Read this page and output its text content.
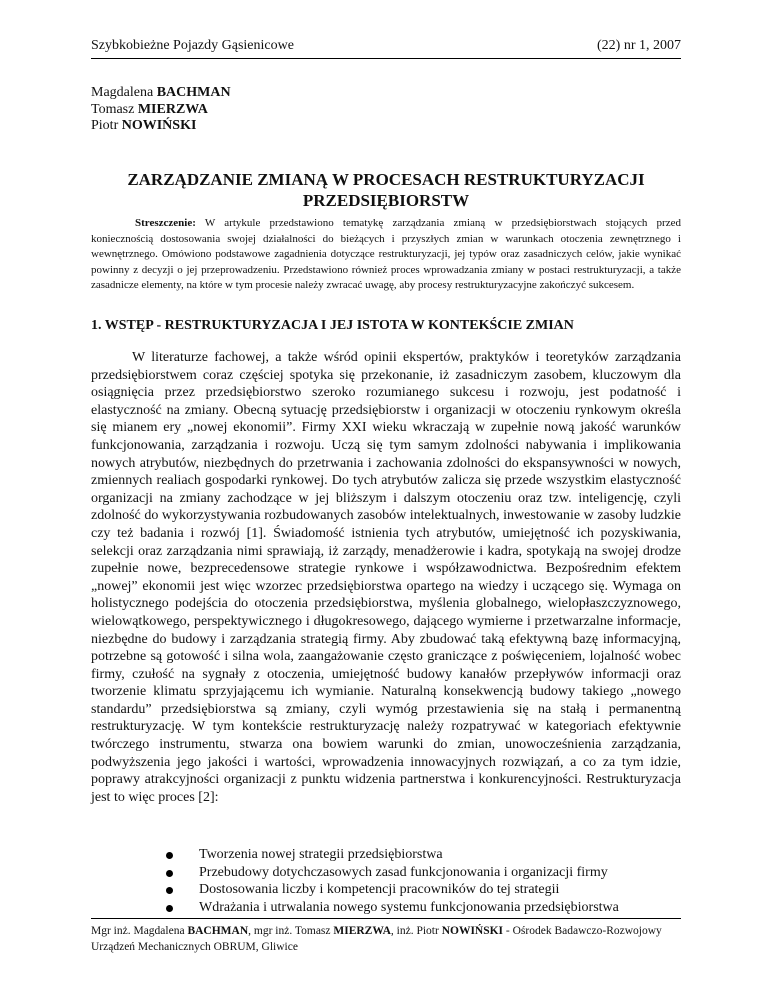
Szybkobieżne Pojazdy Gąsienicowe	(22) nr 1, 2007
Magdalena BACHMAN
Tomasz MIERZWA
Piotr NOWIŃSKI
ZARZĄDZANIE ZMIANĄ W PROCESACH RESTRUKTURYZACJI
PRZEDSIĘBIORSTW
Streszczenie: W artykule przedstawiono tematykę zarządzania zmianą w przedsiębiorstwach stojących przed koniecznością dostosowania swojej działalności do bieżących i przyszłych zmian w warunkach otoczenia zewnętrznego i wewnętrznego. Omówiono podstawowe zagadnienia dotyczące restrukturyzacji, jej typów oraz zasadniczych celów, jakie wynikać powinny z decyzji o jej przeprowadzeniu. Przedstawiono również proces wprowadzania zmiany w postaci restrukturyzacji, a także zasadnicze elementy, na które w tym procesie należy zwracać uwagę, aby procesy restrukturyzacyjne zakończyć sukcesem.
1. WSTĘP - RESTRUKTURYZACJA I JEJ ISTOTA W KONTEKŚCIE ZMIAN

W literaturze fachowej, a także wśród opinii ekspertów, praktyków i teoretyków zarządzania przedsiębiorstwem coraz częściej spotyka się przekonanie, iż zasadniczym zasobem, kluczowym dla osiągnięcia przez przedsiębiorstwo szeroko rozumianego sukcesu i rozwoju, jest podatność i elastyczność na zmiany. Obecną sytuację przedsiębiorstw i organizacji w otoczeniu rynkowym określa się mianem ery „nowej ekonomii”. Firmy XXI wieku wkraczają w zupełnie nową jakość warunków funkcjonowania, zarządzania i rozwoju. Uczą się tym samym zdolności nabywania i implikowania nowych atrybutów, niezbędnych do przetrwania i zachowania zdolności do ekspansywności w nowych, zmiennych realiach gospodarki rynkowej. Do tych atrybutów zalicza się przede wszystkim elastyczność organizacji na zmiany zachodzące w jej bliższym i dalszym otoczeniu oraz tzw. inteligencję, czyli zdolność do wykorzystywania rozbudowanych zasobów intelektualnych, inwestowanie w zasoby ludzkie czy też badania i rozwój [1]. Świadomość istnienia tych atrybutów, umiejętność ich pozyskiwania, selekcji oraz zarządzania nimi sprawiają, iż zarządy, menadżerowie i kadra, spotykają na swojej drodze zupełnie nowe, bezprecedensowe strategie rynkowe i współzawodnictwa. Bezpośrednim efektem „nowej” ekonomii jest więc wzorzec przedsiębiorstwa opartego na wiedzy i uczącego się. Wymaga on holistycznego podejścia do otoczenia przedsiębiorstwa, myślenia globalnego, wielopłaszczyznowego, wielowątkowego, perspektywicznego i długokresowego, dającego wymierne i przetwarzalne informacje, niezbędne do budowy i zarządzania strategią firmy. Aby zbudować taką efektywną bazę informacyjną, potrzebne są gotowość i silna wola, zaangażowanie często graniczące z poświęceniem, lojalność wobec firmy, czułość na sygnały z otoczenia, umiejętność budowy kanałów przepływów informacji oraz tworzenie klimatu sprzyjającemu ich wymianie. Naturalną konsekwencją budowy takiego „nowego standardu” przedsiębiorstwa są zmiany, czyli wymóg przestawienia się na stałą i permanentną restrukturyzację. W tym kontekście restrukturyzację należy rozpatrywać w kategoriach efektywnie twórczego instrumentu, stwarza ona bowiem warunki do zmian, unowocześnienia zarządzania, podwyższenia jego jakości i wartości, wprowadzenia innowacyjnych rozwiązań, a co za tym idzie, poprawy atrakcyjności organizacji z punktu widzenia partnerstwa i konkurencyjności. Restrukturyzacja jest to więc proces [2]:

Tworzenia nowej strategii przedsiębiorstwa
Przebudowy dotychczasowych zasad funkcjonowania i organizacji firmy
Dostosowania liczby i kompetencji pracowników do tej strategii
Wdrażania i utrwalania nowego systemu funkcjonowania przedsiębiorstwa
Mgr inż. Magdalena BACHMAN, mgr inż. Tomasz MIERZWA, inż. Piotr NOWIŃSKI - Ośrodek Badawczo-Rozwojowy Urządzeń Mechanicznych OBRUM, Gliwice
